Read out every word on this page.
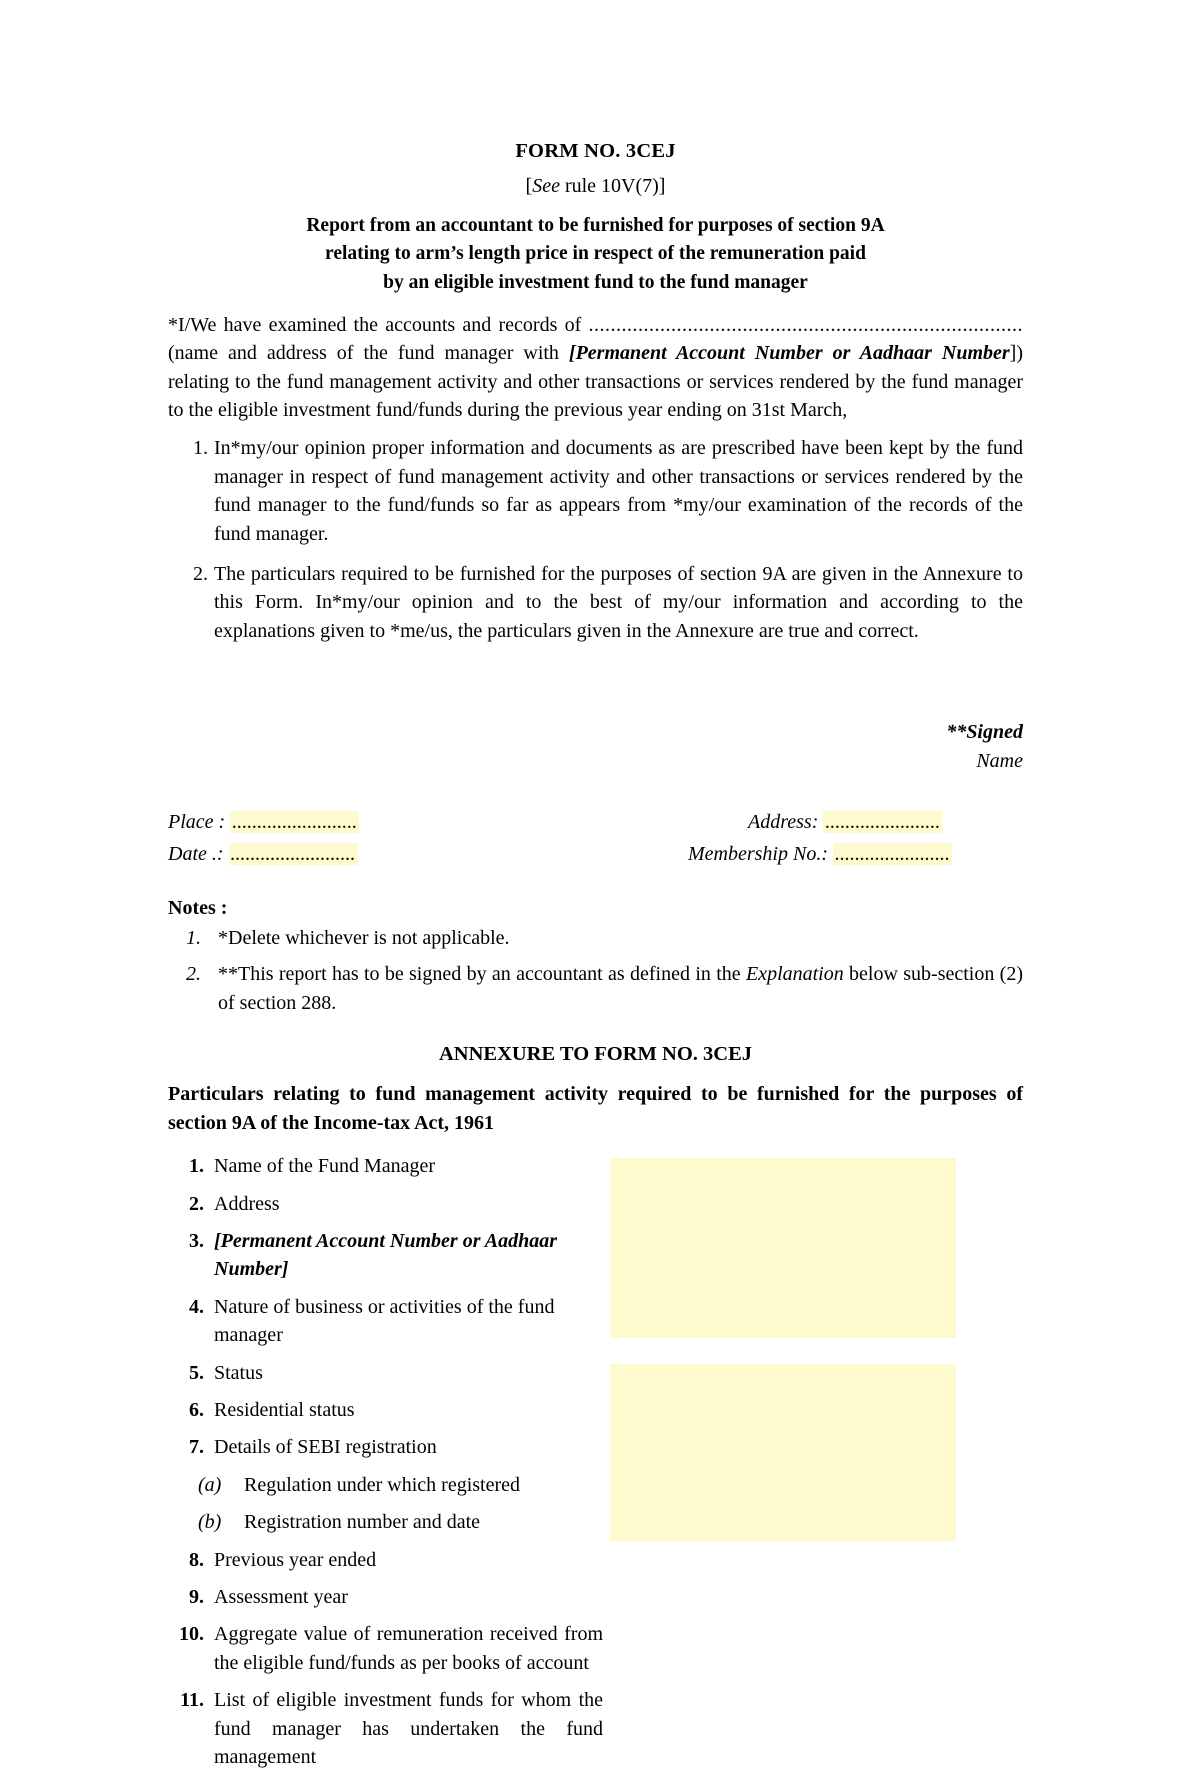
FORM NO. 3CEJ
[See rule 10V(7)]
Report from an accountant to be furnished for purposes of section 9A
relating to arm’s length price in respect of the remuneration paid
by an eligible investment fund to the fund manager

*I/We have examined the accounts and records of ............................................................................... (name and address of the fund manager with [Permanent Account Number or Aadhaar Number]) relating to the fund management activity and other transactions or services rendered by the fund manager to the eligible investment fund/funds during the previous year ending on 31st March,

1. In*my/our opinion proper information and documents as are prescribed have been kept by the fund manager in respect of fund management activity and other transactions or services rendered by the fund manager to the fund/funds so far as appears from *my/our examination of the records of the fund manager.
2. The particulars required to be furnished for the purposes of section 9A are given in the Annexure to this Form. In*my/our opinion and to the best of my/our information and according to the explanations given to *me/us, the particulars given in the Annexure are true and correct.
**Signed
Name
Place : .........................
Date .: .........................
Address: .......................
Membership No.: .......................
Notes :
1. *Delete whichever is not applicable.
2. **This report has to be signed by an accountant as defined in the Explanation below sub-section (2) of section 288.
ANNEXURE TO FORM NO. 3CEJ
Particulars relating to fund management activity required to be furnished for the purposes of section 9A of the Income-tax Act, 1961
1. Name of the Fund Manager
2. Address
3. [Permanent Account Number or Aadhaar Number]
4. Nature of business or activities of the fund manager
5. Status
6. Residential status
7. Details of SEBI registration
(a)	Regulation under which registered
(b)	Registration number and date
8. Previous year ended
9. Assessment year
10. Aggregate value of remuneration received from the eligible fund/funds as per books of account
11. List of eligible investment funds for whom the fund manager has undertaken the fund management
